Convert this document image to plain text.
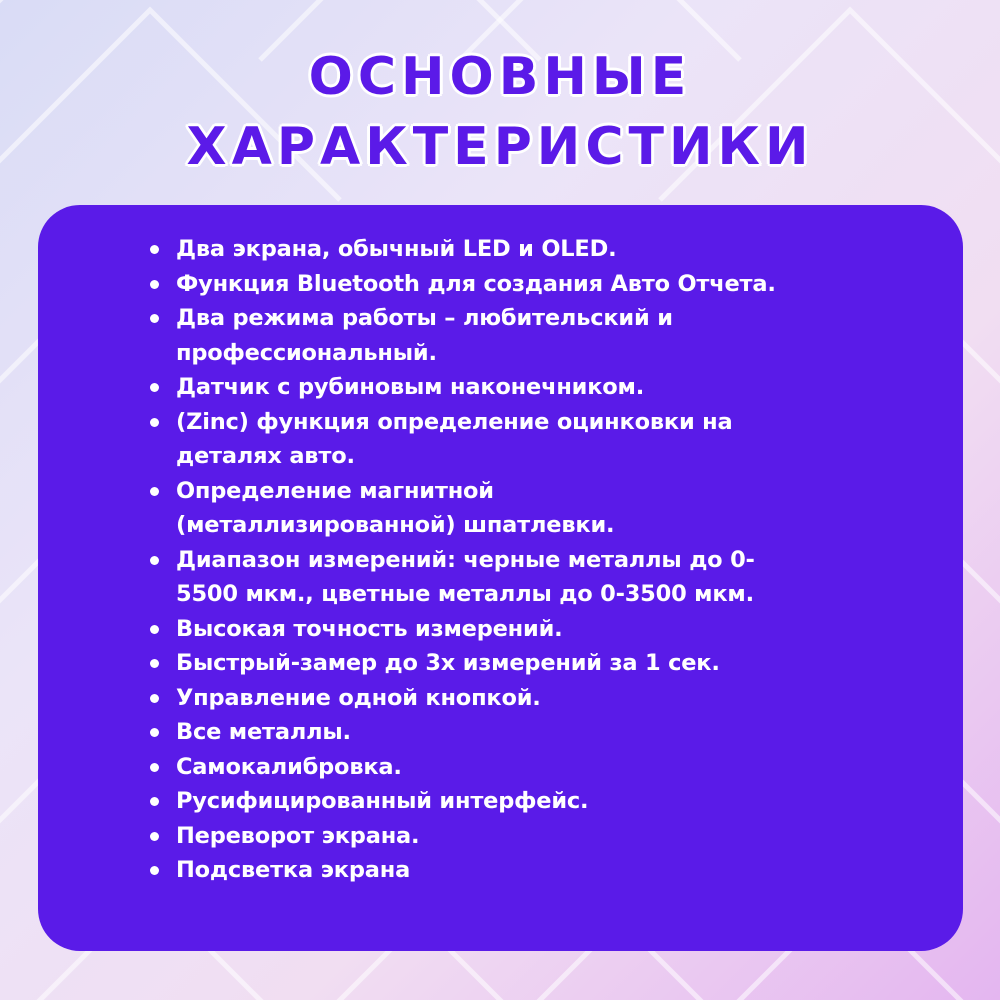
ОСНОВНЫЕ
ХАРАКТЕРИСТИКИ
Два экрана, обычный LED и OLED.
Функция Bluetooth для создания Авто Отчета.
Два режима работы – любительский и
профессиональный.
Датчик с рубиновым наконечником.
(Zinc) функция определение оцинковки на
деталях авто.
Определение магнитной
(металлизированной) шпатлевки.
Диапазон измерений: черные металлы до 0-
5500 мкм., цветные металлы до 0-3500 мкм.
Высокая точность измерений.
Быстрый-замер до 3х измерений за 1 сек.
Управление одной кнопкой.
Все металлы.
Самокалибровка.
Русифицированный интерфейс.
Переворот экрана.
Подсветка экрана
